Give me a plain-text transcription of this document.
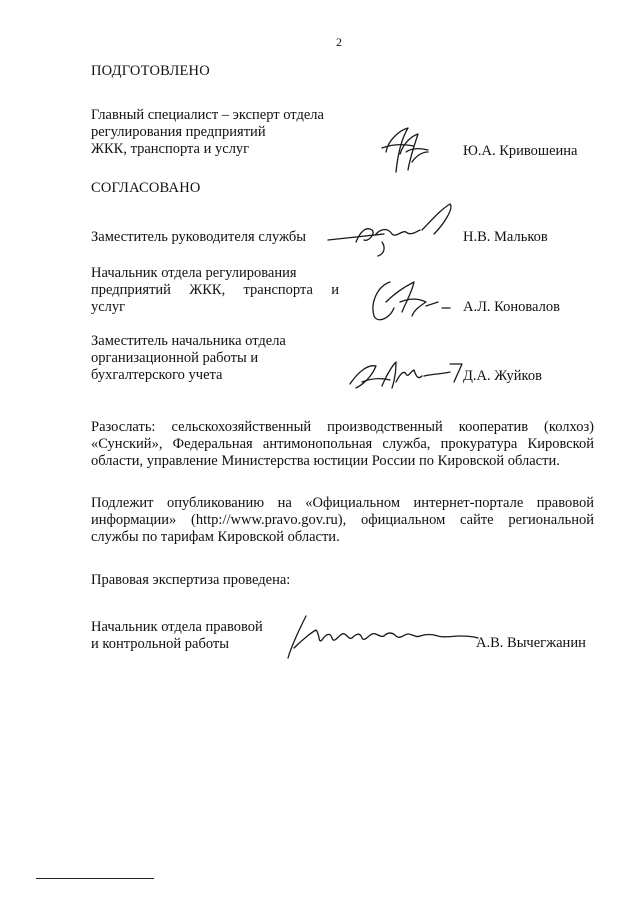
2
ПОДГОТОВЛЕНО
Главный специалист – эксперт отдела
регулирования предприятий
ЖКК, транспорта и услуг	Ю.А. Кривошеина
СОГЛАСОВАНО
Заместитель руководителя службы	Н.В. Мальков
Начальник отдела регулирования
предприятий ЖКК, транспорта и
услуг	А.Л. Коновалов
Заместитель начальника отдела
организационной работы и
бухгалтерского учета	Д.А. Жуйков
Разослать: сельскохозяйственный производственный кооператив (колхоз) «Сунский», Федеральная антимонопольная служба, прокуратура Кировской области, управление Министерства юстиции России по Кировской области.
Подлежит опубликованию на «Официальном интернет-портале правовой информации» (http://www.pravo.gov.ru), официальном сайте региональной службы по тарифам Кировской области.
Правовая экспертиза проведена:
Начальник отдела правовой
и контрольной работы	А.В. Вычегжанин
